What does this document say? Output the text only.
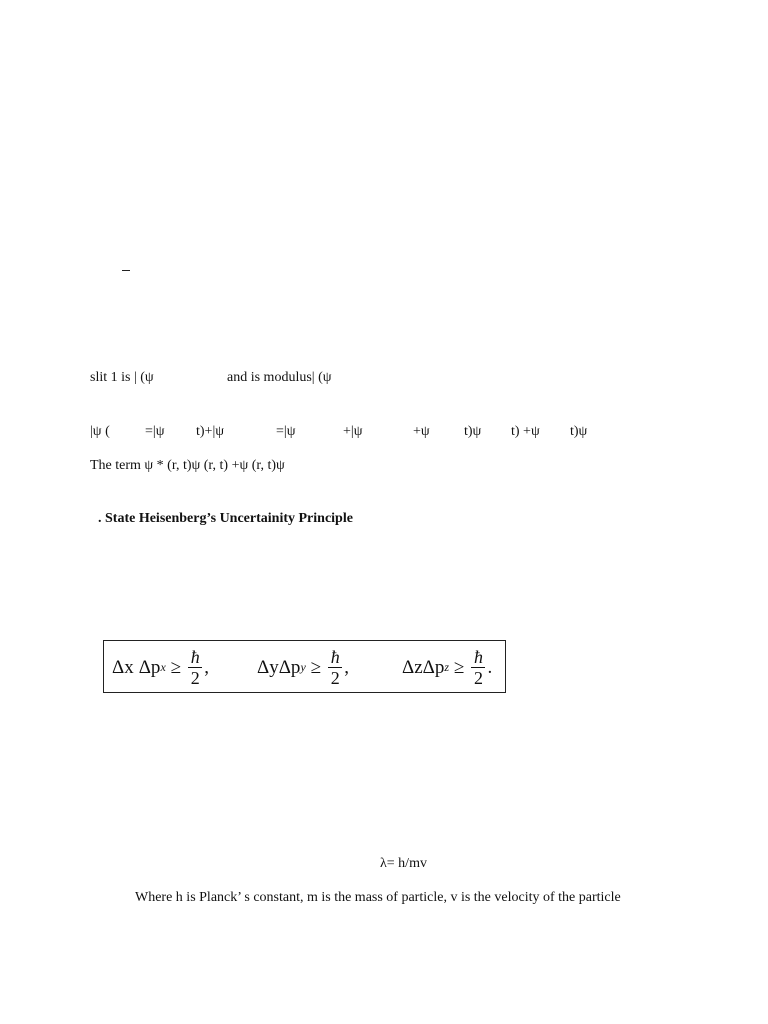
slit 1 is | (ψ	and is modulus| (ψ
|ψ (	=|ψ t)+|ψ	=|ψ	+|ψ	+ψ t)ψ t) +ψ t)ψ
The term ψ * (r, t)ψ (r, t) +ψ (r, t)ψ
. State Heisenberg’s Uncertainity Principle
Δx Δp $x \ge \frac{ħ}{2}$ ,	Δy Δp $y \ge \frac{ħ}{2}$ ,	Δz Δp $z \ge \frac{ħ}{2}$ .
λ= h/mv
Where h is Planck’ s constant, m is the mass of particle, v is the velocity of the particle
